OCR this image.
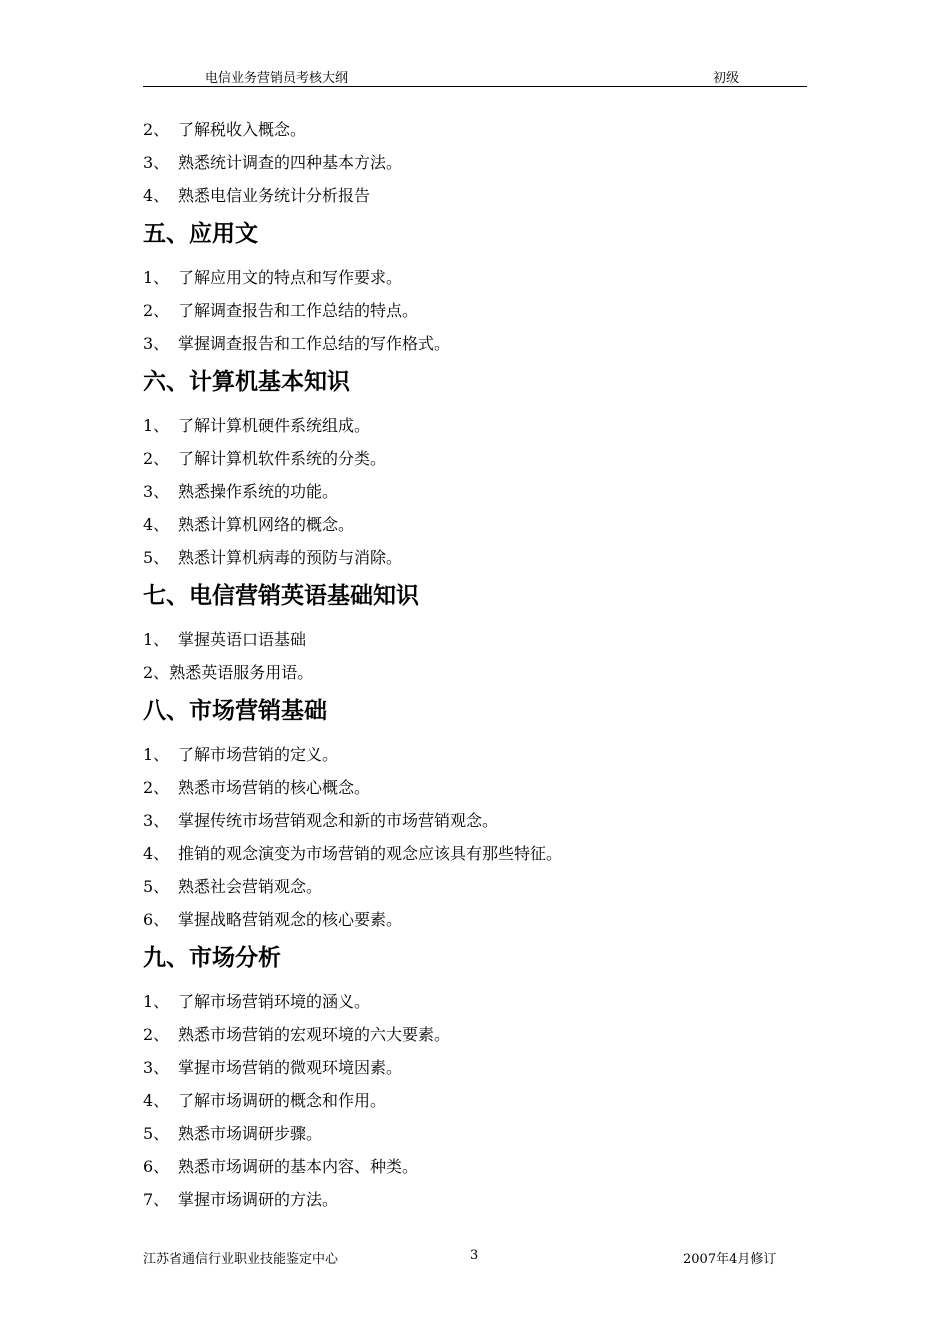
电信业务营销员考核大纲	初级
2、 了解税收入概念。
3、 熟悉统计调查的四种基本方法。
4、 熟悉电信业务统计分析报告
五、应用文
1、 了解应用文的特点和写作要求。
2、 了解调查报告和工作总结的特点。
3、 掌握调查报告和工作总结的写作格式。
六、计算机基本知识
1、 了解计算机硬件系统组成。
2、 了解计算机软件系统的分类。
3、 熟悉操作系统的功能。
4、 熟悉计算机网络的概念。
5、 熟悉计算机病毒的预防与消除。
七、电信营销英语基础知识
1、 掌握英语口语基础
2、熟悉英语服务用语。
八、市场营销基础
1、 了解市场营销的定义。
2、 熟悉市场营销的核心概念。
3、 掌握传统市场营销观念和新的市场营销观念。
4、 推销的观念演变为市场营销的观念应该具有那些特征。
5、 熟悉社会营销观念。
6、 掌握战略营销观念的核心要素。
九、市场分析
1、 了解市场营销环境的涵义。
2、 熟悉市场营销的宏观环境的六大要素。
3、 掌握市场营销的微观环境因素。
4、 了解市场调研的概念和作用。
5、 熟悉市场调研步骤。
6、 熟悉市场调研的基本内容、种类。
7、 掌握市场调研的方法。
江苏省通信行业职业技能鉴定中心	3	2007年4月修订
